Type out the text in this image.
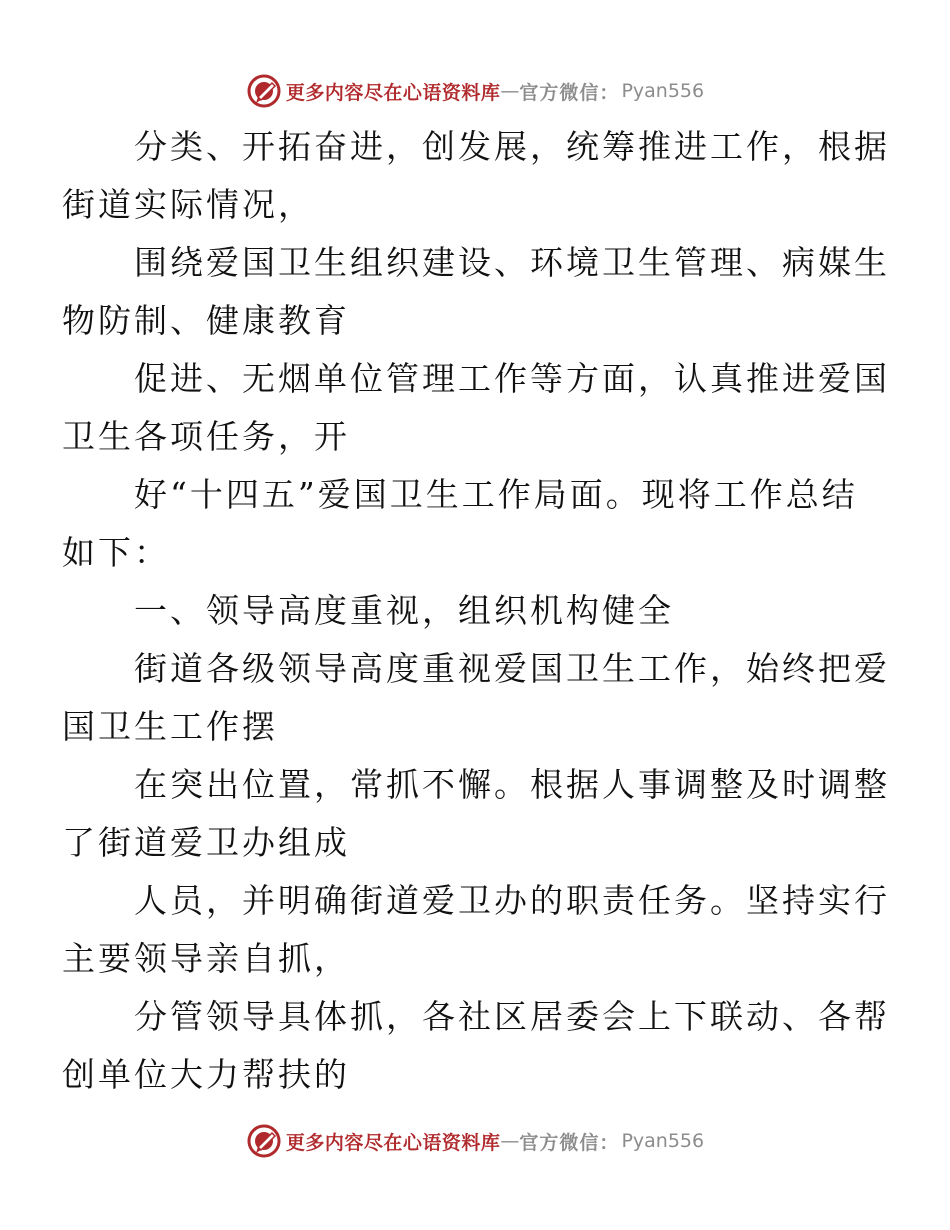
更多内容尽在心语资料库 — 官方微信： Pyan556

分类、开拓奋进，创发展，统筹推进工作，根据
街道实际情况，

围绕爱国卫生组织建设、环境卫生管理、病媒生
物防制、健康教育

促进、无烟单位管理工作等方面，认真推进爱国
卫生各项任务，开

好“十四五”爱国卫生工作局面。现将工作总结
如下：

一、领导高度重视，组织机构健全

街道各级领导高度重视爱国卫生工作，始终把爱
国卫生工作摆

在突出位置，常抓不懈。根据人事调整及时调整
了街道爱卫办组成

人员，并明确街道爱卫办的职责任务。坚持实行
主要领导亲自抓，

分管领导具体抓，各社区居委会上下联动、各帮
创单位大力帮扶的

更多内容尽在心语资料库 — 官方微信： Pyan556
